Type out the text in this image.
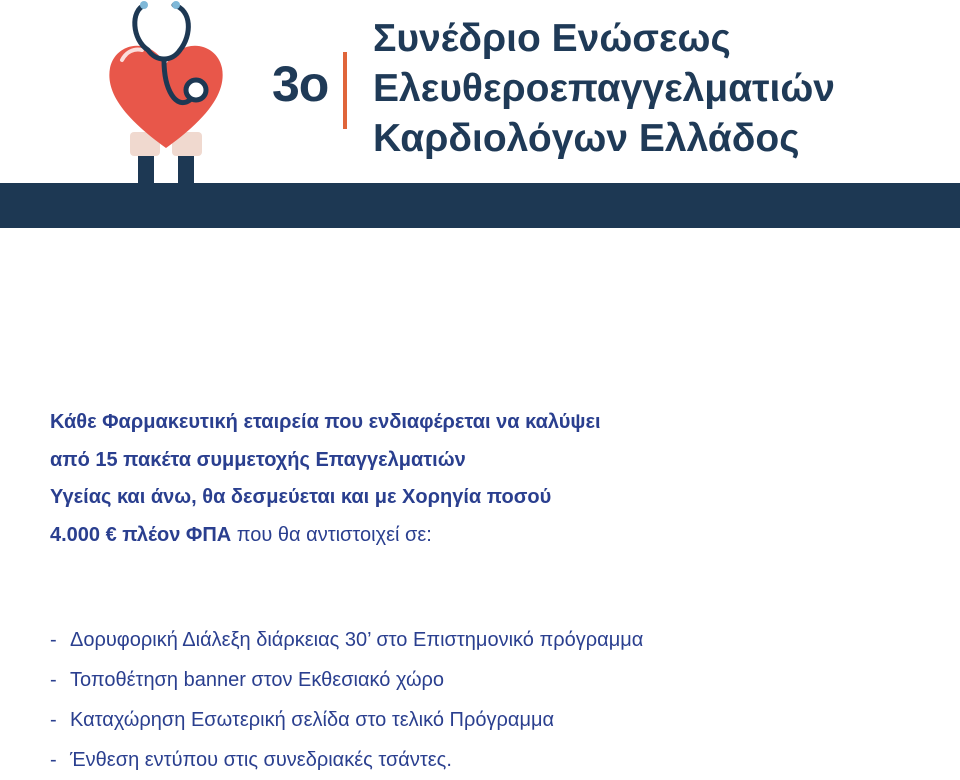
3ο
Συνέδριο Ενώσεως
Ελευθεροεπαγγελματιών
Καρδιολόγων Ελλάδος
Κάθε Φαρμακευτική εταιρεία που ενδιαφέρεται να καλύψει
από 15 πακέτα συμμετοχής Επαγγελματιών
Υγείας και άνω, θα δεσμεύεται και με Χορηγία ποσού
4.000 € πλέον ΦΠΑ που θα αντιστοιχεί σε:
- Δορυφορική Διάλεξη διάρκειας 30’ στο Επιστημονικό πρόγραμμα
- Τοποθέτηση banner στον Εκθεσιακό χώρο
- Καταχώρηση Εσωτερική σελίδα στο τελικό Πρόγραμμα
- Ένθεση εντύπου στις συνεδριακές τσάντες.
